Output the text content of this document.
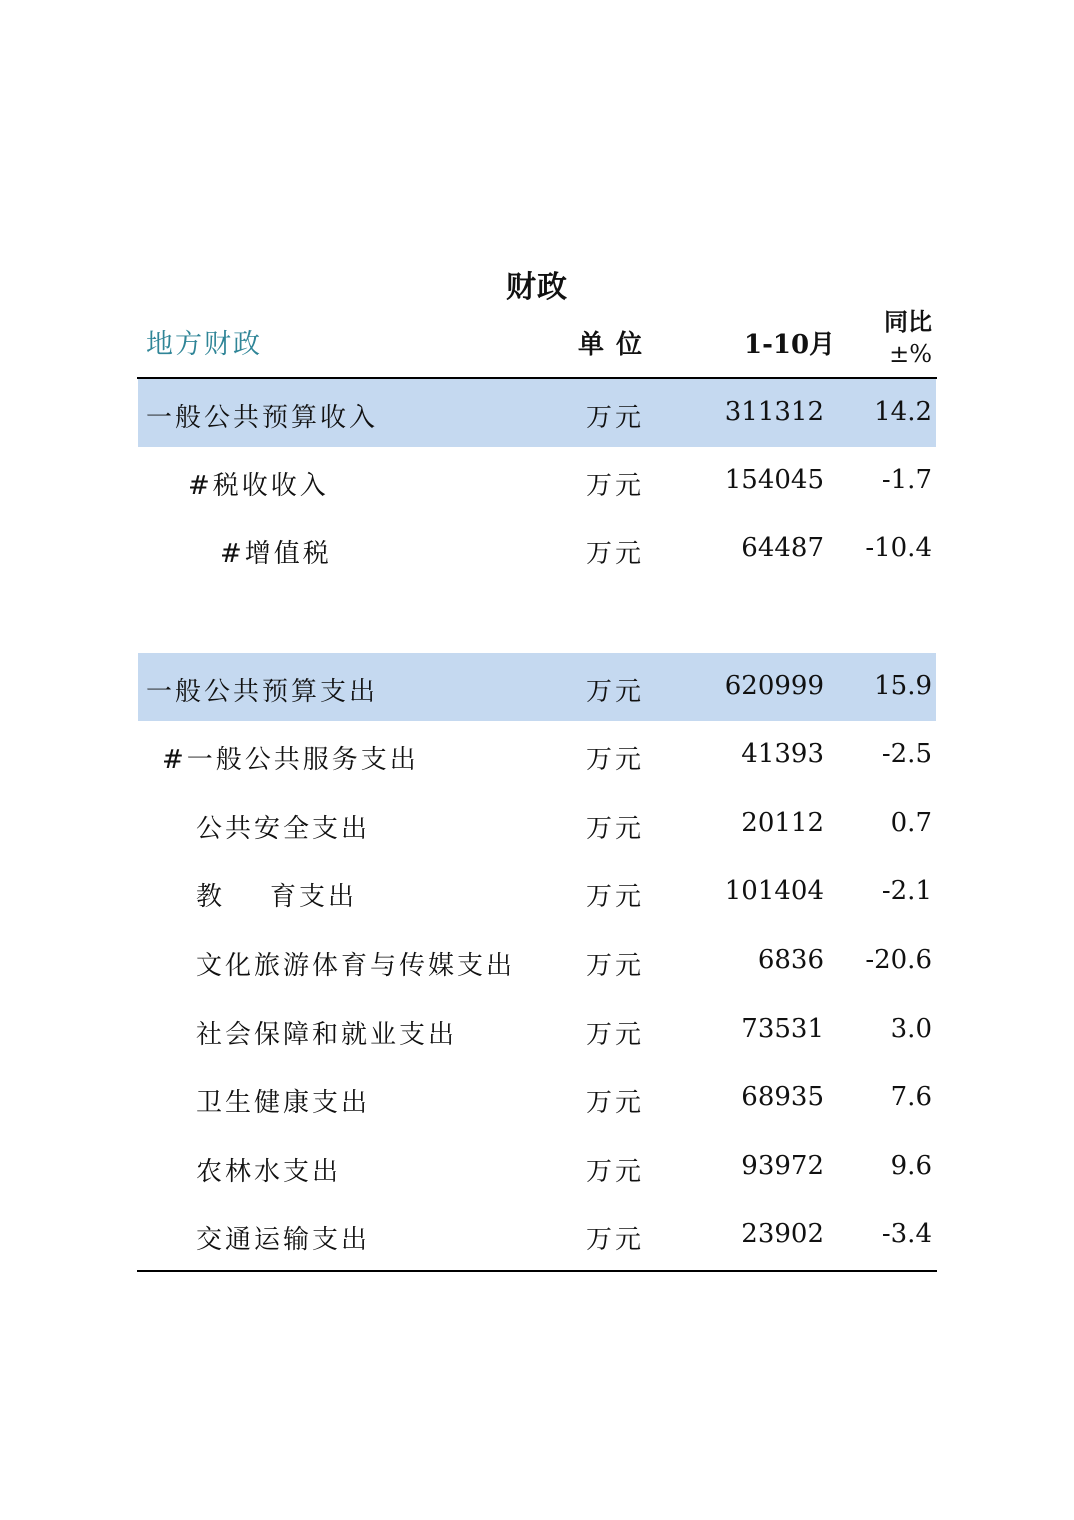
财政
地方财政	单位	1-10月
同比
±%
一般公共预算收入	万元	311312 14.2
#税收收入	万元	154045 -1.7
#增值税	万元	64487 -10.4
一般公共预算支出	万元	620999 15.9
#一般公共服务支出	万元	41393 -2.5
公共安全支出	万元	20112	0.7
教    育支出	万元	101404 -2.1
文化旅游体育与传媒支出	万元	6836 -20.6
社会保障和就业支出	万元	73531	3.0
卫生健康支出	万元	68935	7.6
农林水支出	万元	93972	9.6
交通运输支出	万元	23902 -3.4
